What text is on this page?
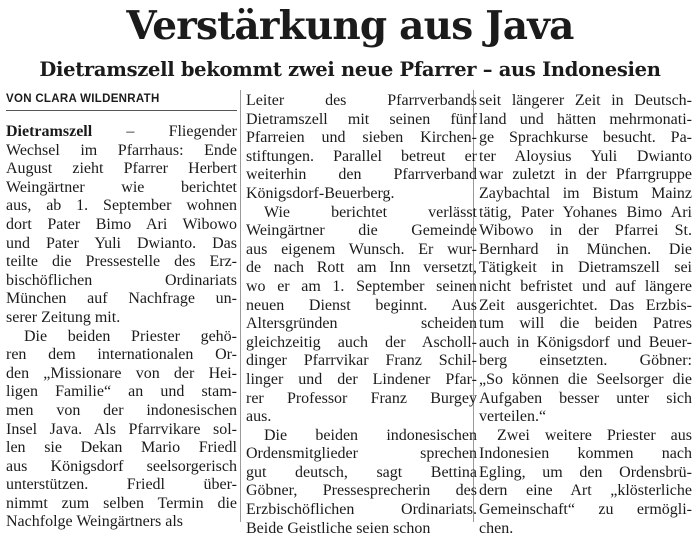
Verstärkung aus Java
Dietramszell bekommt zwei neue Pfarrer – aus Indonesien
VON CLARA WILDENRATH
Dietramszell – Fliegender
Wechsel im Pfarrhaus: Ende
August zieht Pfarrer Herbert
Weingärtner wie berichtet
aus, ab 1. September wohnen
dort Pater Bimo Ari Wibowo
und Pater Yuli Dwianto. Das
teilte die Pressestelle des Erz-
bischöflichen Ordinariats
München auf Nachfrage un-
serer Zeitung mit.
Die beiden Priester gehö-
ren dem internationalen Or-
den „Missionare von der Hei-
ligen Familie“ an und stam-
men von der indonesischen
Insel Java. Als Pfarrvikare sol-
len sie Dekan Mario Friedl
aus Königsdorf seelsorgerisch
unterstützen. Friedl über-
nimmt zum selben Termin die
Nachfolge Weingärtners als
Leiter des Pfarrverbands
Dietramszell mit seinen fünf
Pfarreien und sieben Kirchen-
stiftungen. Parallel betreut er
weiterhin den Pfarrverband
Königsdorf-Beuerberg.
Wie berichtet verlässt
Weingärtner die Gemeinde
aus eigenem Wunsch. Er wur-
de nach Rott am Inn versetzt,
wo er am 1. September seinen
neuen Dienst beginnt. Aus
Altersgründen scheiden
gleichzeitig auch der Ascholl-
dinger Pfarrvikar Franz Schil-
linger und der Lindener Pfar-
rer Professor Franz Burgey
aus.
Die beiden indonesischen
Ordensmitglieder sprechen
gut deutsch, sagt Bettina
Göbner, Pressesprecherin des
Erzbischöflichen Ordinariats.
Beide Geistliche seien schon
seit längerer Zeit in Deutsch-
land und hätten mehrmonati-
ge Sprachkurse besucht. Pa-
ter Aloysius Yuli Dwianto
war zuletzt in der Pfarrgruppe
Zaybachtal im Bistum Mainz
tätig, Pater Yohanes Bimo Ari
Wibowo in der Pfarrei St.
Bernhard in München. Die
Tätigkeit in Dietramszell sei
nicht befristet und auf längere
Zeit ausgerichtet. Das Erzbis-
tum will die beiden Patres
auch in Königsdorf und Beuer-
berg einsetzten. Göbner:
„So können die Seelsorger die
Aufgaben besser unter sich
verteilen.“
Zwei weitere Priester aus
Indonesien kommen nach
Egling, um den Ordensbrü-
dern eine Art „klösterliche
Gemeinschaft“ zu ermögli-
chen.
